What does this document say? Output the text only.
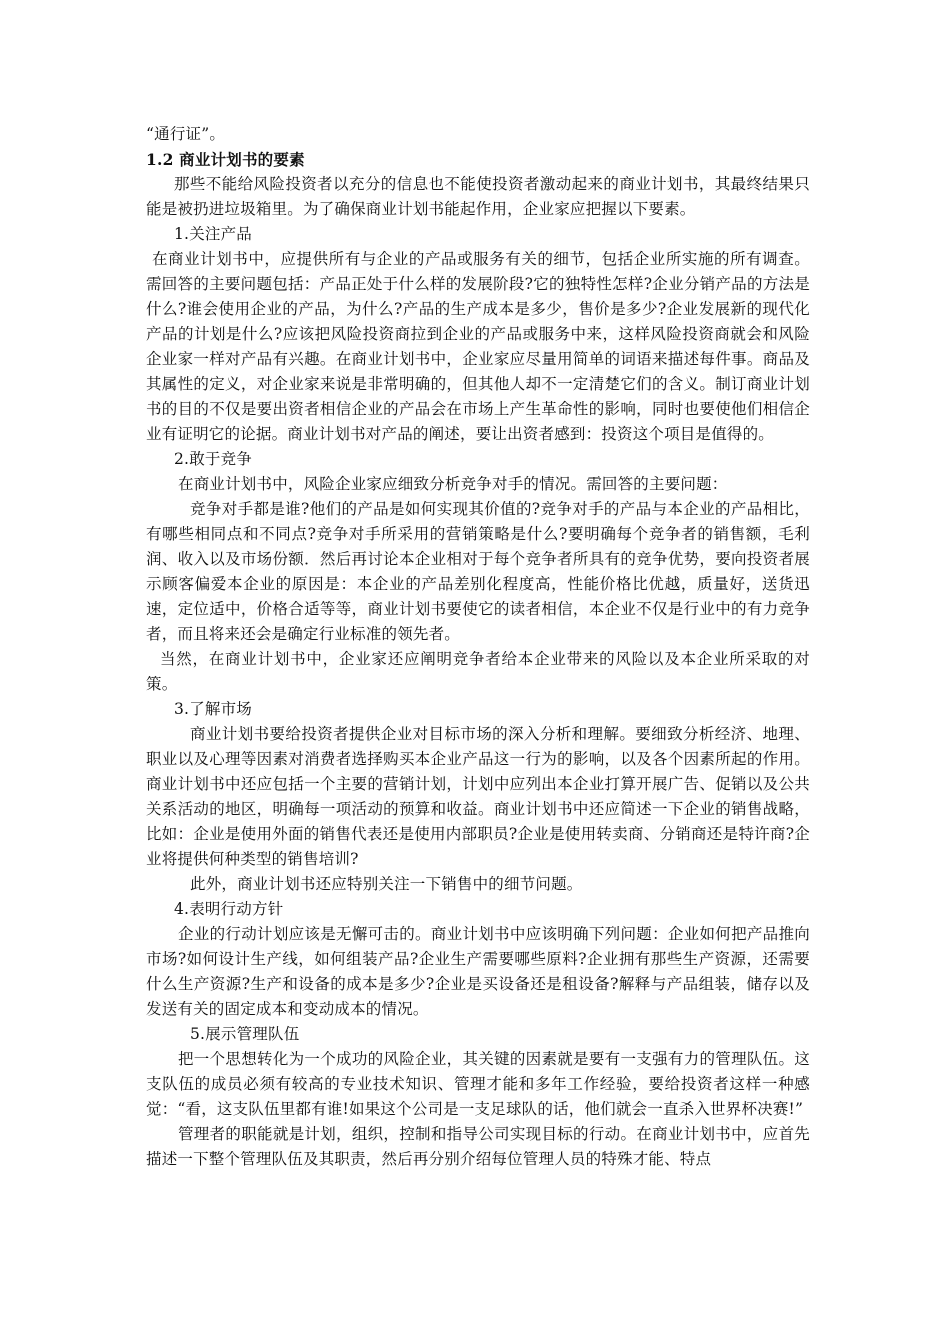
“通行证”。

1.2 商业计划书的要素

那些不能给风险投资者以充分的信息也不能使投资者激动起来的商业计划书，其最终结果只能是被扔进垃圾箱里。为了确保商业计划书能起作用，企业家应把握以下要素。

1.关注产品

在商业计划书中，应提供所有与企业的产品或服务有关的细节，包括企业所实施的所有调查。需回答的主要问题包括：产品正处于什么样的发展阶段?它的独特性怎样?企业分销产品的方法是什么?谁会使用企业的产品，为什么?产品的生产成本是多少，售价是多少?企业发展新的现代化产品的计划是什么?应该把风险投资商拉到企业的产品或服务中来，这样风险投资商就会和风险企业家一样对产品有兴趣。在商业计划书中，企业家应尽量用简单的词语来描述每件事。商品及其属性的定义，对企业家来说是非常明确的，但其他人却不一定清楚它们的含义。制订商业计划书的目的不仅是要出资者相信企业的产品会在市场上产生革命性的影响，同时也要使他们相信企业有证明它的论据。商业计划书对产品的阐述，要让出资者感到：投资这个项目是值得的。

2.敢于竞争

在商业计划书中，风险企业家应细致分析竞争对手的情况。需回答的主要问题：

竞争对手都是谁?他们的产品是如何实现其价值的?竞争对手的产品与本企业的产品相比，有哪些相同点和不同点?竞争对手所采用的营销策略是什么?要明确每个竞争者的销售额，毛利润、收入以及市场份额．然后再讨论本企业相对于每个竞争者所具有的竞争优势，要向投资者展示顾客偏爱本企业的原因是：本企业的产品差别化程度高，性能价格比优越，质量好，送货迅速，定位适中，价格合适等等，商业计划书要使它的读者相信，本企业不仅是行业中的有力竞争者，而且将来还会是确定行业标准的领先者。

当然，在商业计划书中，企业家还应阐明竞争者给本企业带来的风险以及本企业所采取的对策。

3.了解市场

商业计划书要给投资者提供企业对目标市场的深入分析和理解。要细致分析经济、地理、职业以及心理等因素对消费者选择购买本企业产品这一行为的影响，以及各个因素所起的作用。商业计划书中还应包括一个主要的营销计划，计划中应列出本企业打算开展广告、促销以及公共关系活动的地区，明确每一项活动的预算和收益。商业计划书中还应简述一下企业的销售战略，比如：企业是使用外面的销售代表还是使用内部职员?企业是使用转卖商、分销商还是特许商?企业将提供何种类型的销售培训?

此外，商业计划书还应特别关注一下销售中的细节问题。

4.表明行动方针

企业的行动计划应该是无懈可击的。商业计划书中应该明确下列问题：企业如何把产品推向市场?如何设计生产线，如何组装产品?企业生产需要哪些原料?企业拥有那些生产资源，还需要什么生产资源?生产和设备的成本是多少?企业是买设备还是租设备?解释与产品组装，储存以及发送有关的固定成本和变动成本的情况。

5.展示管理队伍

把一个思想转化为一个成功的风险企业，其关键的因素就是要有一支强有力的管理队伍。这支队伍的成员必须有较高的专业技术知识、管理才能和多年工作经验，要给投资者这样一种感觉：“看，这支队伍里都有谁!如果这个公司是一支足球队的话，他们就会一直杀入世界杯决赛!”

管理者的职能就是计划，组织，控制和指导公司实现目标的行动。在商业计划书中，应首先描述一下整个管理队伍及其职责，然后再分别介绍每位管理人员的特殊才能、特点
